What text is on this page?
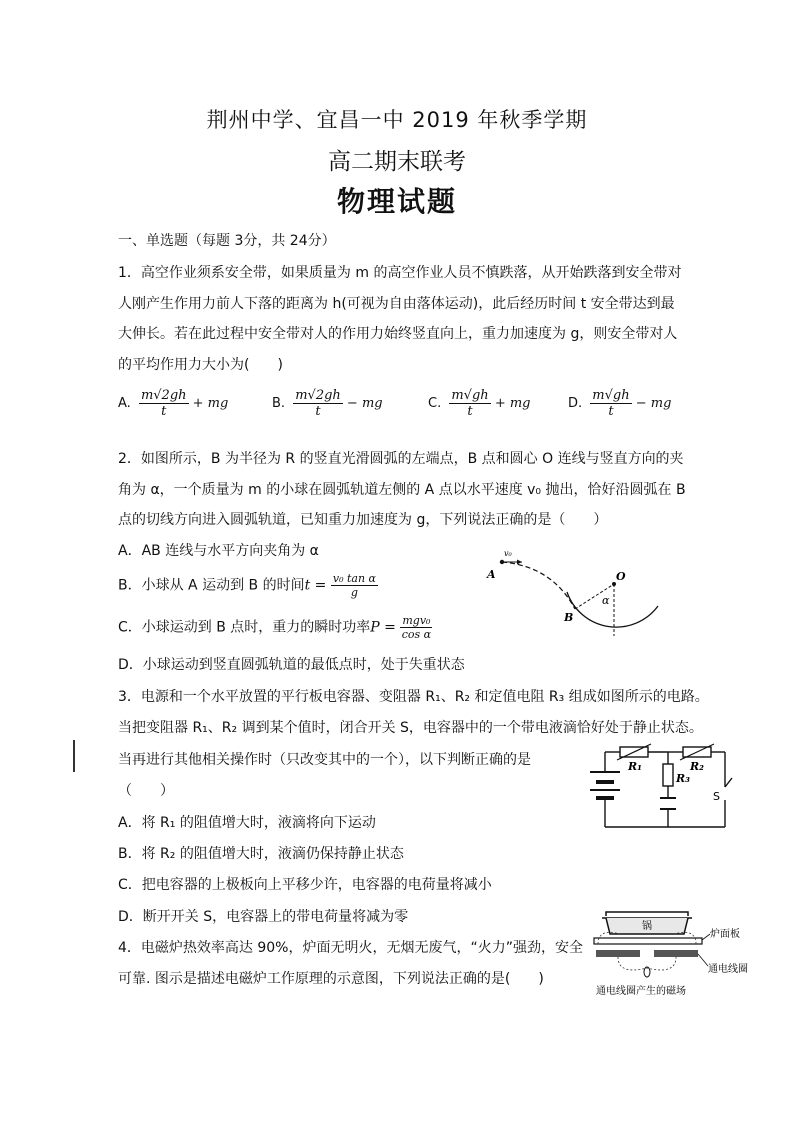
荆州中学、宜昌一中 2019 年秋季学期
高二期末联考
物理试题
一、单选题（每题 3分，共 24分）
1．高空作业须系安全带，如果质量为 m 的高空作业人员不慎跌落，从开始跌落到安全带对
人刚产生作用力前人下落的距离为 h(可视为自由落体运动)，此后经历时间 t 安全带达到最
大伸长。若在此过程中安全带对人的作用力始终竖直向上，重力加速度为 g，则安全带对人
的平均作用力大小为(　　)
A. $\frac{m√2gh}{t}$ + mg	B. $\frac{m√2gh}{t}$ − mg	C. $\frac{m√gh}{t}$ + mg	D. $\frac{m√gh}{t}$ − mg
2．如图所示，B 为半径为 R 的竖直光滑圆弧的左端点，B 点和圆心 O 连线与竖直方向的夹
角为 α，一个质量为 m 的小球在圆弧轨道左侧的 A 点以水平速度 v₀ 抛出，恰好沿圆弧在 B
点的切线方向进入圆弧轨道，已知重力加速度为 g，下列说法正确的是（　　）
A．AB 连线与水平方向夹角为 α
B．小球从 A 运动到 B 的时间$t = \frac{\text{v₀ tan α}}{g}$
C．小球运动到 B 点时，重力的瞬时功率$P = \frac{\text{mgv₀}}{\text{cos α}}$
D．小球运动到竖直圆弧轨道的最低点时，处于失重状态
v₀
A	O
α
B
3．电源和一个水平放置的平行板电容器、变阻器 R₁、R₂ 和定值电阻 R₃ 组成如图所示的电路。
当把变阻器 R₁、R₂ 调到某个值时，闭合开关 S，电容器中的一个带电液滴恰好处于静止状态。
当再进行其他相关操作时（只改变其中的一个），以下判断正确的是
（　　）
A．将 R₁ 的阻值增大时，液滴将向下运动
B．将 R₂ 的阻值增大时，液滴仍保持静止状态
C．把电容器的上极板向上平移少许，电容器的电荷量将减小
D．断开开关 S，电容器上的带电荷量将减为零
R₁	R₂
R₃
S
4．电磁炉热效率高达 90%，炉面无明火，无烟无废气，“火力”强劲，安全
可靠. 图示是描述电磁炉工作原理的示意图，下列说法正确的是(　　)
锅
炉面板
通电线圈
通电线圈产生的磁场
